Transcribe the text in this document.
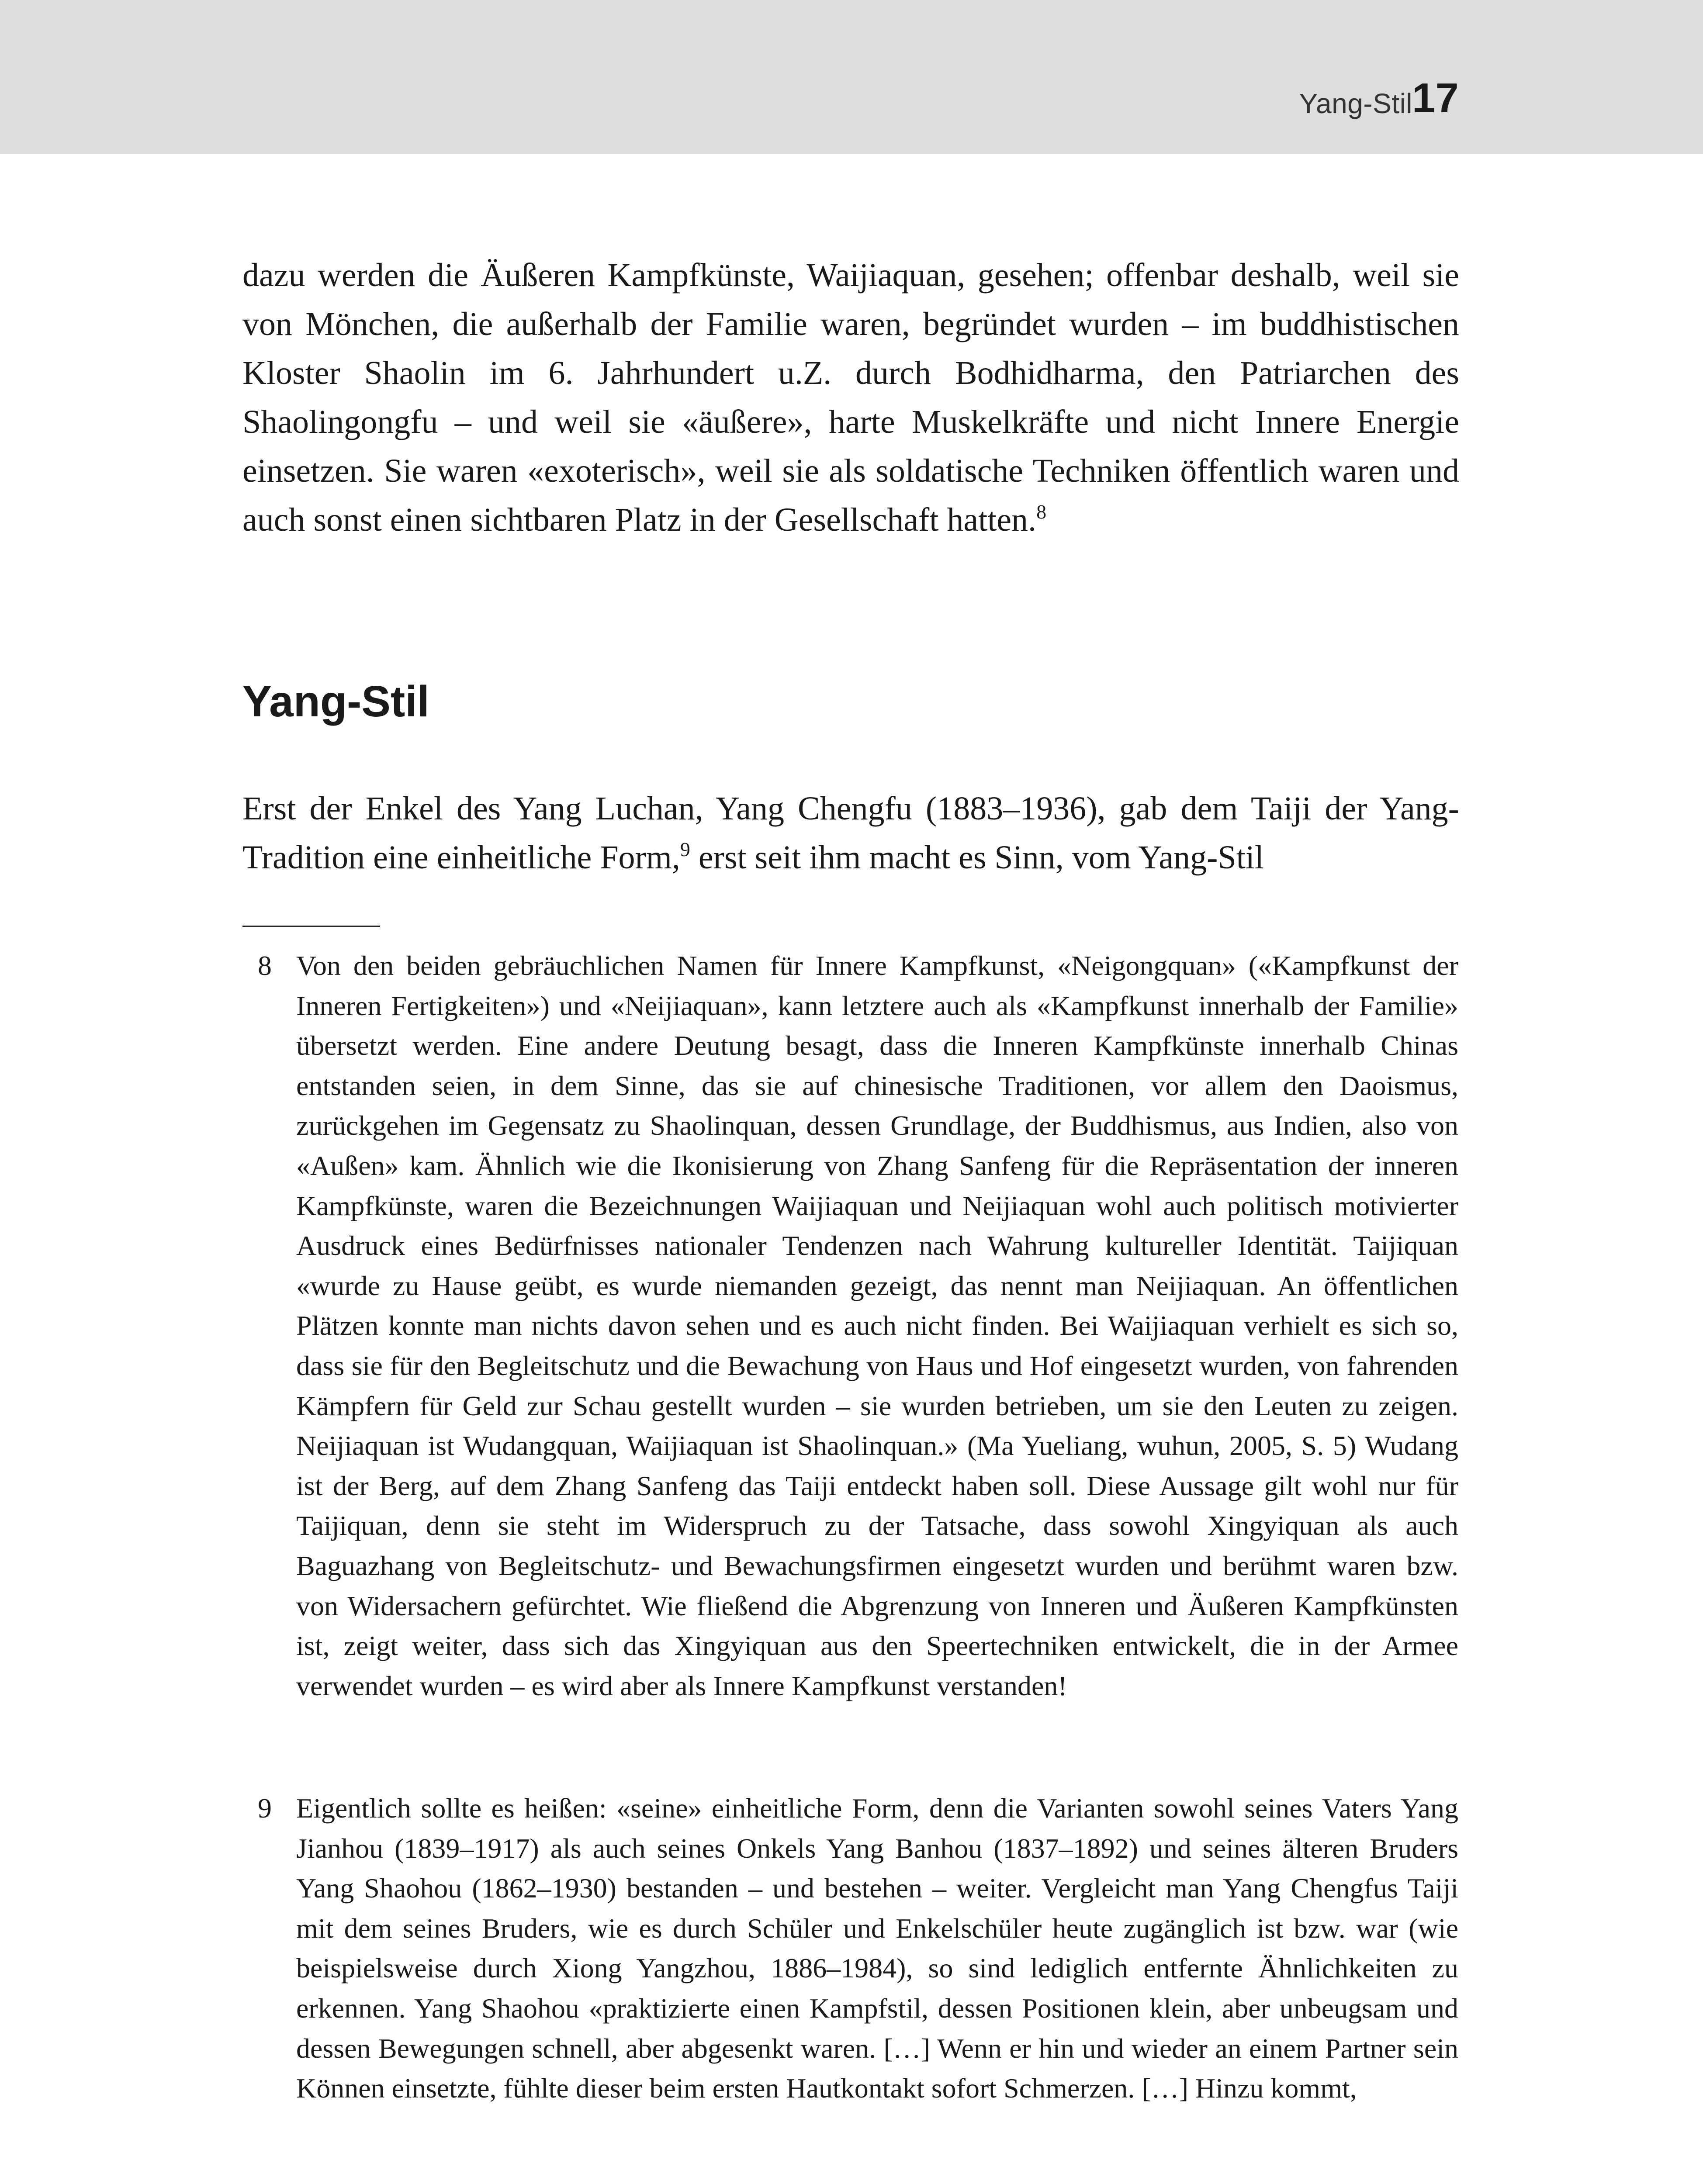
Yang-Stil 17

dazu werden die Äußeren Kampfkünste, Waijiaquan, gesehen; offenbar deshalb, weil sie von Mönchen, die außerhalb der Familie waren, begründet wurden – im buddhistischen Kloster Shaolin im 6. Jahrhundert u.Z. durch Bodhidharma, den Patriarchen des Shaolingongfu – und weil sie «äußere», harte Muskelkräfte und nicht Innere Energie einsetzen. Sie waren «exoterisch», weil sie als soldatische Techniken öffentlich waren und auch sonst einen sichtbaren Platz in der Gesellschaft hatten.$^8$

Yang-Stil

Erst der Enkel des Yang Luchan, Yang Chengfu (1883–1936), gab dem Taiji der Yang-Tradition eine einheitliche Form,$^9$ erst seit ihm macht es Sinn, vom Yang-Stil

8 Von den beiden gebräuchlichen Namen für Innere Kampfkunst, «Neigongquan» («Kampfkunst der Inneren Fertigkeiten») und «Neijiaquan», kann letztere auch als «Kampfkunst innerhalb der Familie» übersetzt werden. Eine andere Deutung besagt, dass die Inneren Kampfkünste innerhalb Chinas entstanden seien, in dem Sinne, das sie auf chinesische Traditionen, vor allem den Daoismus, zurückgehen im Gegensatz zu Shaolinquan, dessen Grundlage, der Buddhismus, aus Indien, also von «Außen» kam. Ähnlich wie die Ikonisierung von Zhang Sanfeng für die Repräsentation der inneren Kampfkünste, waren die Bezeichnungen Waijiaquan und Neijiaquan wohl auch politisch motivierter Ausdruck eines Bedürfnisses nationaler Tendenzen nach Wahrung kultureller Identität. Taijiquan «wurde zu Hause geübt, es wurde niemanden gezeigt, das nennt man Neijiaquan. An öffentlichen Plätzen konnte man nichts davon sehen und es auch nicht finden. Bei Waijiaquan verhielt es sich so, dass sie für den Begleitschutz und die Bewachung von Haus und Hof eingesetzt wurden, von fahrenden Kämpfern für Geld zur Schau gestellt wurden – sie wurden betrieben, um sie den Leuten zu zeigen. Neijiaquan ist Wudangquan, Waijiaquan ist Shaolinquan.» (Ma Yueliang, wuhun, 2005, S. 5) Wudang ist der Berg, auf dem Zhang Sanfeng das Taiji entdeckt haben soll. Diese Aussage gilt wohl nur für Taijiquan, denn sie steht im Widerspruch zu der Tatsache, dass sowohl Xingyiquan als auch Baguazhang von Begleitschutz- und Bewachungsfirmen eingesetzt wurden und berühmt waren bzw. von Widersachern gefürchtet. Wie fließend die Abgrenzung von Inneren und Äußeren Kampfkünsten ist, zeigt weiter, dass sich das Xingyiquan aus den Speertechniken entwickelt, die in der Armee verwendet wurden – es wird aber als Innere Kampfkunst verstanden!

9 Eigentlich sollte es heißen: «seine» einheitliche Form, denn die Varianten sowohl seines Vaters Yang Jianhou (1839–1917) als auch seines Onkels Yang Banhou (1837–1892) und seines älteren Bruders Yang Shaohou (1862–1930) bestanden – und bestehen – weiter. Vergleicht man Yang Chengfus Taiji mit dem seines Bruders, wie es durch Schüler und Enkelschüler heute zugänglich ist bzw. war (wie beispielsweise durch Xiong Yangzhou, 1886–1984), so sind lediglich entfernte Ähnlichkeiten zu erkennen. Yang Shaohou «praktizierte einen Kampfstil, dessen Positionen klein, aber unbeugsam und dessen Bewegungen schnell, aber abgesenkt waren. […] Wenn er hin und wieder an einem Partner sein Können einsetzte, fühlte dieser beim ersten Hautkontakt sofort Schmerzen. […] Hinzu kommt,
